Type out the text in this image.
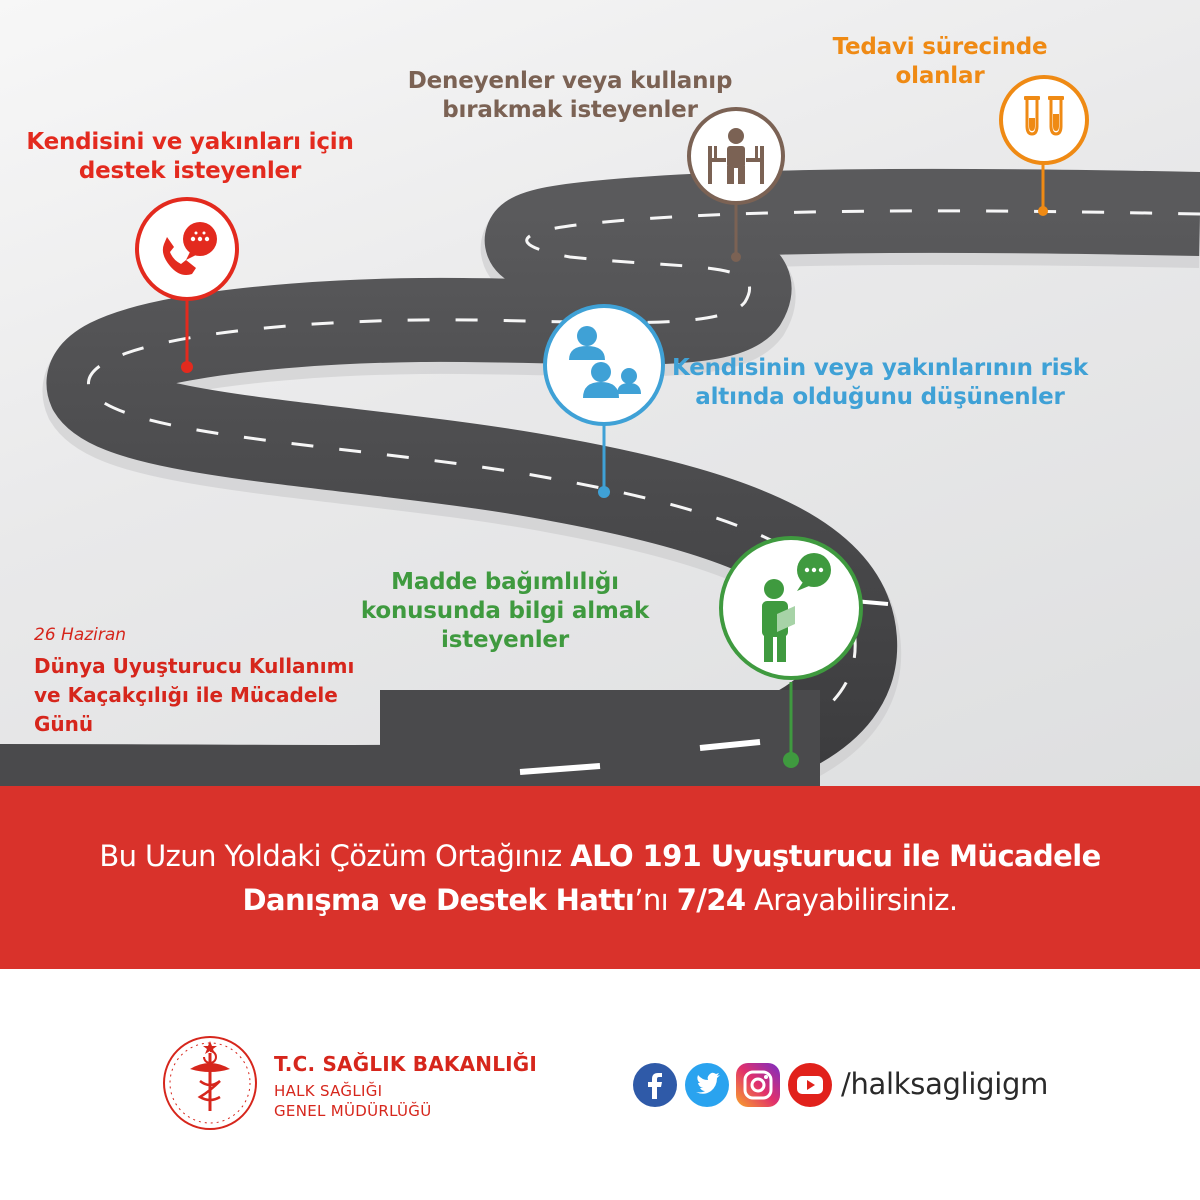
Kendisini ve yakınları için destek isteyenler
Deneyenler veya kullanıp bırakmak isteyenler
Tedavi sürecinde olanlar
Kendisinin veya yakınlarının risk altında olduğunu düşünenler
Madde bağımlılığı konusunda bilgi almak isteyenler
26 Haziran
Dünya Uyuşturucu Kullanımı ve Kaçakçılığı ile Mücadele Günü
Bu Uzun Yoldaki Çözüm Ortağınız ALO 191 Uyuşturucu ile Mücadele Danışma ve Destek Hattı’nı 7/24 Arayabilirsiniz.
T.C. SAĞLIK BAKANLIĞI
HALK SAĞLIĞI
GENEL MÜDÜRLÜĞÜ
/halksagligigm
